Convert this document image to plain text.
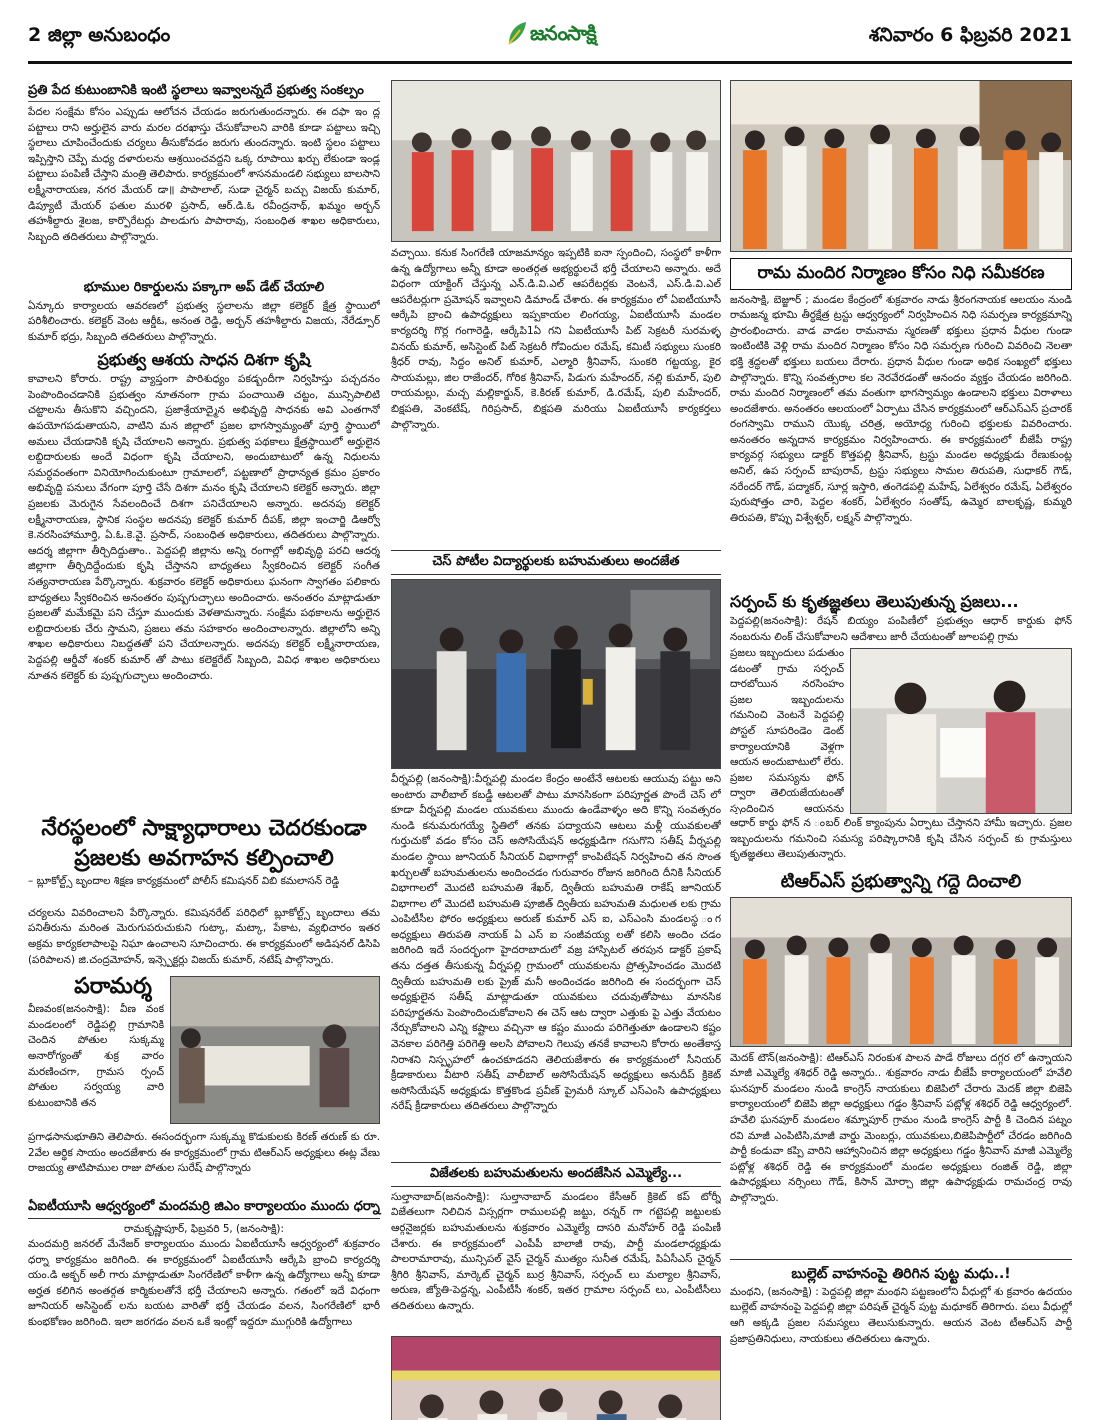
2 జిల్లా అనుబంధం	జనంసాక్షి	శనివారం 6 ఫిబ్రవరి 2021
ప్రతి పేద కుటుంబానికి ఇంటి స్థలాలు ఇవ్వాలన్నదే ప్రభుత్వ సంకల్పం
పేదల సంక్షేమ కోసం ఎప్పుడు ఆలోచన చేయడం జరుగుతుందన్నారు. ఈ దఫా ఇం ద్ల పట్టాలు రాని అర్హులైన వారు మరల దరఖాస్తు చేసుకోవాలని వారికి కూడా పట్టాలు ఇచ్చి స్థలాలు చూపించేందుకు చర్యలు తీసుకోవడం జరుగు తుందన్నారు. ఇంటి స్థలం పట్టాలు ఇప్పిస్తాని చెప్పే మధ్య దళారులను ఆశ్రయించవద్దని ఒక్క రూపాయి ఖర్చు లేకుండా ఇండ్ల పట్టాలు పంపిణీ చేస్తాని మంత్రి తెలిపారు. కార్యక్రమంలో శాసనమండలి సభ్యులు బాలసాని లక్ష్మీనారాయణ, నగర మేయర్ డా॥ పాపాలాల్, సుడా చైర్మన్ బచ్చు విజయ్ కుమార్, డిప్యూటీ మేయర్ ఫతుల మురళి ప్రసాద్, ఆర్.డి.ఓ రవీంద్రనాథ్, ఖమ్మం అర్బన్ తహశీల్దారు శైలజ, కార్పొరేటర్లు పాలడుగు పాపారావు, సంబంధిత శాఖల అధికారులు, సిబ్బంది తదితరులు పాల్గొన్నారు.
భూముల రికార్డులను పక్కాగా అప్ డేట్ చేయాలి
ఏన్కూరు కార్యాలయ ఆవరణలో ప్రభుత్వ స్థలాలను జిల్లా కలెక్టర్ క్షేత్ర స్థాయిలో పరిశీలించారు. కలెక్టర్ వెంట ఆర్డీఓ, అనంత రెడ్డి, అర్బన్ తహశీల్దారు విజయ, నేరేడ్పూర్ కుమార్ భద్రు, సిబ్బంది తదితరులు పాల్గొన్నారు.
ప్రభుత్వ ఆశయ సాధన దిశగా కృషి
కావాలని కోరారు. రాష్ట్ర వ్యాప్తంగా పారిశుధ్యం పకడ్బందీగా నిర్వహిస్తు పచ్చదనం పెంపొందించడానికి ప్రభుత్వం నూతనంగా గ్రామ పంచాయితి చట్టం, మున్సిపాలిటి చట్టాలను తీసుకొని వచ్చిందని, ప్రజాశ్రేయాద్మైన అభివృద్ది సాధనకు అవి ఎంతగానో ఉపయోగపడుతాయని, వాటిని మన జిల్లాలో ప్రజల భాగస్వామ్యంతో పూర్తి స్థాయిలో అమలు చేయడానికి కృషి చేయాలని అన్నారు. ప్రభుత్వ పథకాలు క్షేత్రస్థాయిలో అర్హులైన లబ్దిదారులకు అందే విధంగా కృషి చేయాలని, అందుబాటులో ఉన్న నిధులను సమర్ధవంతంగా వినియోగించుకుంటూ గ్రామాలలో, పట్టణాలో ప్రాధాన్యత క్రమం ప్రకారం అభివృద్ది పనులు వేగంగా పూర్తి చేసే దిశగా మనం కృషి చేయాలని కలెక్టర్ అన్నారు. జిల్లా ప్రజలకు మెరుగైన సేవలందించే దిశగా పనిచేయాలని అన్నారు. అదనపు కలెక్టర్ లక్ష్మీనారాయణ, స్థానిక సంస్థల అదనపు కలెక్టర్ కుమార్ దీపక్, జిల్లా ఇంచార్జి డిఆర్వో కె.నరసింహామూర్తి, ఏ.ఓ.కె.వై. ప్రసాద్, సంబంధిత అధికారులు, తదితరులు పాల్గొన్నారు. ఆదర్శ జిల్లాగా తీర్చిదిద్దుతాం.. పెద్దపల్లి జిల్లాను అన్ని రంగాల్లో అభివృద్ధి పరచి ఆదర్శ జిల్లాగా తీర్చిదిద్దేందుకు కృషి చేస్తానని బాధ్యతలు స్వీకరించిన కలెక్టర్ సంగీత సత్యనారాయణ పేర్కొన్నారు. శుక్రవారం కలెక్టర్ అధికారులు ఘనంగా స్వాగతం పలికారు బాధ్యతలు స్వీకరించిన అనంతరం పుష్పగుచ్ఛాలు అందించారు. అనంతరం మాట్లాడుతూ ప్రజలతో మమేకమై పని చేస్తూ ముందుకు వెళతామన్నారు. సంక్షేమ పథకాలను అర్హులైన లబ్దిదారులకు చేరు స్తామని, ప్రజలు తమ సహకారం అందించాలన్నారు. జిల్లాలోని అన్ని శాఖల అధికారులు నిబద్ధతతో పని చేయాలన్నారు. అదనపు కలెక్టర్ లక్ష్మీనారాయణ, పెద్దపల్లి ఆర్డీవో శంకర్ కుమార్ తో పాటు కలెక్టరేట్ సిబ్బంది, వివిధ శాఖల అధికారులు నూతన కలెక్టర్ కు పుష్పగుచ్ఛాలు అందించారు.
నేరస్థలంలో సాక్ష్యాధారాలు చెదరకుండా
ప్రజలకు అవగాహన కల్పించాలి
– బ్లూకోల్ట్స్ బృందాల శిక్షణ కార్యక్రమంలో పోలీస్ కమిషనర్ విబి కమలాసన్ రెడ్డి
చర్యలను వివరించాలని పేర్కొన్నారు. కమిషనరేట్ పరిధిలో బ్లూకోల్ట్స్ బృందాలు తమ పనితీరును మరింత మెరుగుపరుచుకుని గుట్కా, మట్కా, పేకాట, వ్యభిచారం ఇతర అక్రమ కార్యకలాపాలపై నిఘా ఉంచాలని సూచించారు. ఈ కార్యక్రమంలో అడిషనల్ డిసిపి (పరిపాలన) జి.చంద్రమోహన్, ఇన్స్పెక్టర్లు విజయ్ కుమార్, నటేష్ పాల్గొన్నారు.
పరామర్శ
వీణవంక(జనంసాక్షి): వీణ వంక మండలంలో రెడ్డిపల్లి గ్రామానికి చెందిన పోతుల సుక్కమ్మ అనారోగ్యంతో శుక్ర వారం మరణించగా, గ్రామస ర్పంచ్ పోతుల సర్వయ్య వారి కుటుంబానికి తన
ప్రగాఢసానుభూతిని తెలిపారు. ఈసందర్భంగా సుక్కమ్మ కొడుకులకు కిరణ్ తరుణ్ కు రూ. 2వేల ఆర్థిక సాయం అందజేశారు ఈ కార్యక్రమంలో గ్రామ టిఆర్ఎస్ అధ్యక్షులు ఈట్ల వేణు రాజయ్య తాటిపాముల రాజు పోతుల సురేష్ పాల్గొన్నారు
ఏఐటీయూసి ఆధ్వర్యంలో మందమర్రి జిఎం కార్యాలయం ముందు ధర్నా
రామకృష్ణాపూర్, ఫిబ్రవరి 5, (జనంసాక్షి):
మందమర్రి జనరల్ మేనేజర్ కార్యాలయం ముందు ఏఐటీయూసీ ఆధ్వర్యంలో శుక్రవారం ధర్నా కార్యక్రమం జరిగింది. ఈ కార్యక్రమంలో ఏఐటీయూసీ ఆర్కేపి బ్రాంచి కార్యదర్శి యం.డి అక్బర్ అలీ గారు మాట్లాడుతూ సింగరేణిలో కాళీగా ఉన్న ఉద్యోగాలు అన్నీ కూడా అర్హత కలిగిన అంతర్గత కార్మికులతోనే భర్తీ చేయాలని అన్నారు. గతంలో ఇదే విధంగా జూనియర్ అసిస్టెంట్ లను బయట వారితో భర్తీ చేయడం వలన, సింగరేణిలో భారీ కుంభకోణం జరిగింది. ఇలా జరగడం వలన ఒకే ఇంట్లో ఇద్దరూ ముగ్గురికి ఉద్యోగాలు
వచ్చాయి. కనుక సింగరేణి యాజమాన్యం ఇప్పటికి ఐనా స్పందించి, సంస్థలో కాళీగా ఉన్న ఉద్యోగాలు అన్నీ కూడా అంతర్గత అభ్యర్థులచే భర్తీ చేయాలని అన్నారు. అదే విధంగా యాక్టింగ్ చేస్తున్న ఎన్.డి.వి.ఎల్ ఆపరేటర్లకు వెంటనే, ఎస్.డి.వి.ఎల్ ఆపరేటర్లుగా ప్రమోషన్ ఇవ్వాలని డిమాండ్ చేశారు. ఈ కార్యక్రమం లో ఏఐటీయూసీ ఆర్కేపి బ్రాంచి ఉపాధ్యక్షులు ఇప్పకాయల లింగయ్య, ఏఐటీయూసీ మండల కార్యదర్శి గొర్ల గంగారెడ్డి, ఆర్కేపి1ఏ గని ఏఐటీయూసీ పిట్ సెక్రటరీ సురమళ్ళ వినయ్ కుమార్, అసిస్టెంట్ పిట్ సెక్రటరీ గోవిందుల రమేష్, కమిటీ సభ్యులు సుంకరి శ్రీధర్ రావు, సిద్దం అనిల్ కుమార్, ఎల్మారి శ్రీనివాస్, సుంకరి గట్టయ్య, కైర సాయమల్లు, జిల రాజేందర్, గోరిక శ్రీనివాస్, పిడుగు మహేందర్, నల్లి కుమార్, పులి రాయమల్లు, మచ్చ మల్లికార్జున్, కె.కిరణ్ కుమార్, డి.రమేష్, పులి మహేందర్, బిక్షపతి, వెంకటేష్, గిరిప్రసాద్, బిక్షపతి మరియు ఏఐటీయూసీ కార్యకర్తలు పాల్గొన్నారు.
చెస్ పోటీల విద్యార్థులకు బహుమతులు అందజేత
వీర్నపల్లి (జనంసాక్షి):వీర్నపల్లి మండల కేంద్రం అంటేనే ఆటలకు ఆయువు పట్టు అని అంటారు వాలీబాల్ కబడ్డీ ఆటలతో పాటు మానసికంగా పరిపూర్ణత పొందే చెస్ లో కూడా వీర్నపల్లి మండల యువకులు ముందు ఉండేవాళ్ళం అది కొన్ని సంవత్సరం నుండి కనుమరుగయ్యే స్థితిలో తనకు పద్యాయని ఆటలు మళ్లీ యువకులతో గుర్తుచుకో వడం కోసం చెస్ అసోసియేషన్ అధ్యక్షుడిగా గసుగొని సతీష్ వీర్నపల్లి మండల స్థాయి జూనియర్ సీనియర్ విభాగాల్లో కాంపిటేషన్ నిర్వహించి తన సొంత ఖర్చులతో బహుమతులను అందించడం గురువారం రోజున జరిగింది దీనికి సీనియర్ విభాగాలలో మొదటి బహుమతి శేఖర్, ద్వితీయ బహుమతి రాకేష్ జూనియర్ విభాగాల లో మొదటి బహుమతి పూజిత్ ద్వితీయ బహుమతి మధులత లకు గ్రామ ఎంపిటీసీల ఫోరం అధ్యక్షులు అరుణ్ కుమార్ ఎస్ ఐ, ఎస్ఎంసి మండలస్థ ంగ అధ్యక్షులు తిరుపతి నాయక్ ఏ ఎస్ ఐ సంజీవయ్య లతో కలిసి అందిం చడం జరిగింది ఇదే సందర్భంగా హైదరాబాదులో వజ్ర హాస్పిటల్ తరపున డాక్టర్ ప్రకాష్ తను దత్తత తీసుకున్న వీర్నపల్లి గ్రామంలో యువకులను ప్రోత్సహించడం మొదటి ద్వితీయ బహుమతి లకు ప్రైజ్ మనీ అందించడం జరిగింది ఈ సందర్భంగా చెస్ అధ్యక్షులైన సతీష్ మాట్లాడుతూ యువకులు చదువుతోపాటు మానసిక పరిపూర్ణతను పెంపొందించుకోవాలని ఈ చెస్ ఆట ద్వారా ఎత్తుకు పై ఎత్తు వేయటం నేర్చుకోవాలని ఎన్ని కష్టాలు వచ్చినా ఆ కష్టం ముందు పరిగెత్తుతూ ఉండాలని కష్టం వెనకాల పరిగెత్తి పరిగెత్తి అలసి పోవాలని గెలుపు తనకే కావాలని కోరారు అంతేకాస్త నిరాశని నిస్పృహలో ఉంచకూడదని తెలియజేశారు ఈ కార్యక్రమంలో సీనియర్ క్రీడాకారులు వీటారి సతీష్ వాలీబాల్ అసోసియేషన్ అధ్యక్షులు అనుదీప్ క్రికెట్ అసోసియేషన్ అధ్యక్షుడు కొత్తకొండ ప్రవీణ్ ప్రైమరీ స్కూల్ ఎస్ఎంసి ఉపాధ్యక్షులు నరేష్ క్రీడాకారులు తదితరులు పాల్గొన్నారు
విజేతలకు బహుమతులను అందజేసిన ఎమ్మెల్యే...
సుల్తానాబాద్(జనంసాక్షి): సుల్తానాబాద్ మండలం కేసీఆర్ క్రికెట్ కప్ టోర్నీ విజేతలుగా నిలిచిన విస్సర్లగా రాములపల్లి జట్టు, రన్నర్ గా గట్టెపల్లి జట్టులకు ఆర్గనైజర్లకు బహుమతులను శుక్రవారం ఎమ్మెల్యే దాసరి మనోహర్ రెడ్డి పంపిణీ చేశారు. ఈ కార్యక్రమంలో ఎంపీపీ బాలాజీ రావు, పార్టీ మండలాధ్యక్షుడు పాలరామారావు, మున్సిపల్ వైస్ చైర్మన్ ముత్యం సునీత రమేష్, పిఏసీఎస్ చైర్మన్ శ్రీగిరి శ్రీనివాస్, మార్కెట్ చైర్మన్ బుర్ర శ్రీనివాస్, సర్పంచ్ లు మల్యాల శ్రీనివాస్, అరుణ, జ్యోతి-పెద్దన్న, ఎంపీటీసీ శంకర్, ఇతర గ్రామాల సర్పంచ్ లు, ఎంపీటీసీలు తదితరులు ఉన్నారు.
రామ మందిర నిర్మాణం కోసం నిధి సమీకరణ
జనంసాక్షి, బెజ్జూర్ ; మండల కేంద్రంలో శుక్రవారం నాడు శ్రీరంగనాయక ఆలయం నుండి రామజన్మ భూమి తీర్థక్షేత్ర ట్రస్టు ఆధ్వర్యంలో నిర్వహించిన నిధి సమర్పణ కార్యక్రమాన్ని ప్రారంభించారు. వాడ వాడల రామనామ స్మరణతో భక్తులు ప్రధాన వీధుల గుండా ఇంటింటికి వెళ్లి రామ మందిర నిర్మాణం కోసం నిధి సమర్పణ గురించి వివరించి నెలతా భక్తి శ్రద్ధలతో భక్తులు బయలు దేరారు. ప్రధాన వీధుల గుండా అధిక సంఖ్యలో భక్తులు పాల్గొన్నారు. కొన్ని సంవత్సరాల కల నెరవేరడంతో ఆనందం వ్యక్తం చేయడం జరిగింది. రామ మందిర నిర్మాణంలో తమ వంతుగా భాగస్వామ్యం ఉండాలని భక్తులు విరాళాలు అందజేశారు. అనంతరం ఆలయంలో ఏర్పాటు చేసిన కార్యక్రమంలో ఆర్ఎస్ఎస్ ప్రచారక్ రంగస్వామి రాముని యొక్క చరిత్ర, అయోధ్య గురించి భక్తులకు వివరించారు. అనంతరం అన్నదాన కార్యక్రమం నిర్వహించారు. ఈ కార్యక్రమంలో బీజేపీ రాష్ట్ర కార్యవర్గ సభ్యులు డాక్టర్ కొత్తపల్లి శ్రీనివాస్, ట్రస్టు మండల అధ్యక్షుడు రేణుకుంట్ల అనిల్, ఉప సర్పంచ్ బాపురావ్, ట్రస్టు సభ్యులు సామల తిరుపతి, సుధాకర్ గౌడ్, నరేందర్ గౌడ్, పద్మాకర్, సూర్ల ఇస్తారి, తంగెడపల్లి మహేష్, ఏలేశ్వరం రమేష్, ఏలేశ్వరం పురుషోత్తం చారి, పెద్దల శంకర్, ఏలేశ్వరం సంతోష్, ఉమ్మెర బాలకృష్ణ, కుమ్మరి తిరుపతి, కొప్పు విశ్వేశ్వర్, లక్ష్మన్ పాల్గొన్నారు.
సర్పంచ్ కు కృతజ్ఞతలు తెలుపుతున్న ప్రజలు...
పెద్దపల్లి(జనంసాక్షి): రేషన్ బియ్యం పంపిణీలో ప్రభుత్వం ఆధార్ కార్డుకు ఫోన్ నంబరును లింక్ చేసుకోవాలని ఆదేశాలు జారీ చేయటంతో జూలపల్లి గ్రామ
ప్రజలు ఇబ్బందులు పడుతుం డటంతో గ్రామ సర్పంచ్ దారబోయిన నరసింహం ప్రజల ఇబ్బందులను గమనించి వెంటనే పెద్దపల్లి పోస్టల్ సూపరిండెం డెంట్ కార్యాలయానికి వెళ్లగా ఆయన అందుబాటులో లేరు. ప్రజల సమస్యను ఫోన్ ద్వారా తెలియజేయటంతో స్పందించిన ఆయనను
ఆధార్ కార్డు ఫోన్ న ంబర్ లింక్ క్యాంపును ఏర్పాటు చేస్తానని హామీ ఇచ్చారు. ప్రజల ఇబ్బందులను గమనించి సమస్య పరిష్కారానికి కృషి చేసిన సర్పంచ్ కు గ్రామస్తులు కృతజ్ఞతలు తెలుపుతున్నారు.
టిఆర్ఎస్ ప్రభుత్వాన్ని గద్దె దించాలి
మెదక్ టౌన్(జనంసాక్షి): టిఆర్ఎస్ నిరంకుశ పాలన పాడే రోజులు దగ్గర లో ఉన్నాయని మాజీ ఎమ్మెల్యే శశిధర్ రెడ్డి అన్నారు.. శుక్రవారం నాడు బీజేపీ కార్యాలయంలో హవేలి ఘనపూర్ మండలం నుండి కాంగ్రెస్ నాయకులు బిజెపిలో చేరారు మెదక్ జిల్లా బిజెపి కార్యాలయంలో బిజెపి జిల్లా అధ్యక్షులు గడ్డం శ్రీనివాస్ పట్లోళ్ల శశిధర్ రెడ్డి ఆధ్వర్యంలో. హవేలి ఘనపూర్ మండలం శమ్నాపూర్ గ్రామం నుండి కాంగ్రెస్ పార్టీ కి చెందిన పట్నం రవి మాజీ ఎంపిటిసి,మాజీ వార్డు మెంబర్లు, యువకులు,బిజెపిపార్టీలో చేరడం జరిగింది పార్టీ కండువా కప్పి వారిని ఆహ్వానించిన జిల్లా అధ్యక్షులు గడ్డం శ్రీనివాస్ మాజీ ఎమ్మెల్యే పట్లోళ్ల శశిధర్ రెడ్డి ఈ కార్యక్రమంలో మండల అధ్యక్షులు రంజిత్ రెడ్డి, జిల్లా ఉపాధ్యక్షులు నర్సింలు గౌడ్, కిసాన్ మోర్చా జిల్లా ఉపాధ్యక్షుడు రామచంద్ర రావు పాల్గొన్నారు.
బుల్లెట్ వాహనంపై తిరిగిన పుట్ట మధు..!
మంథని, (జనంసాక్షి) : పెద్దపల్లి జిల్లా మంథని పట్టణంలోని వీధుల్లో శు క్రవారం ఉదయం బుల్లెట్ వాహనంపై పెద్దపల్లి జిల్లా పరిషత్ చైర్మన్ పుట్ట మధూకర్ తిరిగారు. పలు వీధుల్లో ఆగి అక్కడి ప్రజల సమస్యలు తెలుసుకున్నారు. ఆయన వెంట టీఆర్ఎస్ పార్టీ ప్రజాప్రతినిధులు, నాయకులు తదితరులు ఉన్నారు.
